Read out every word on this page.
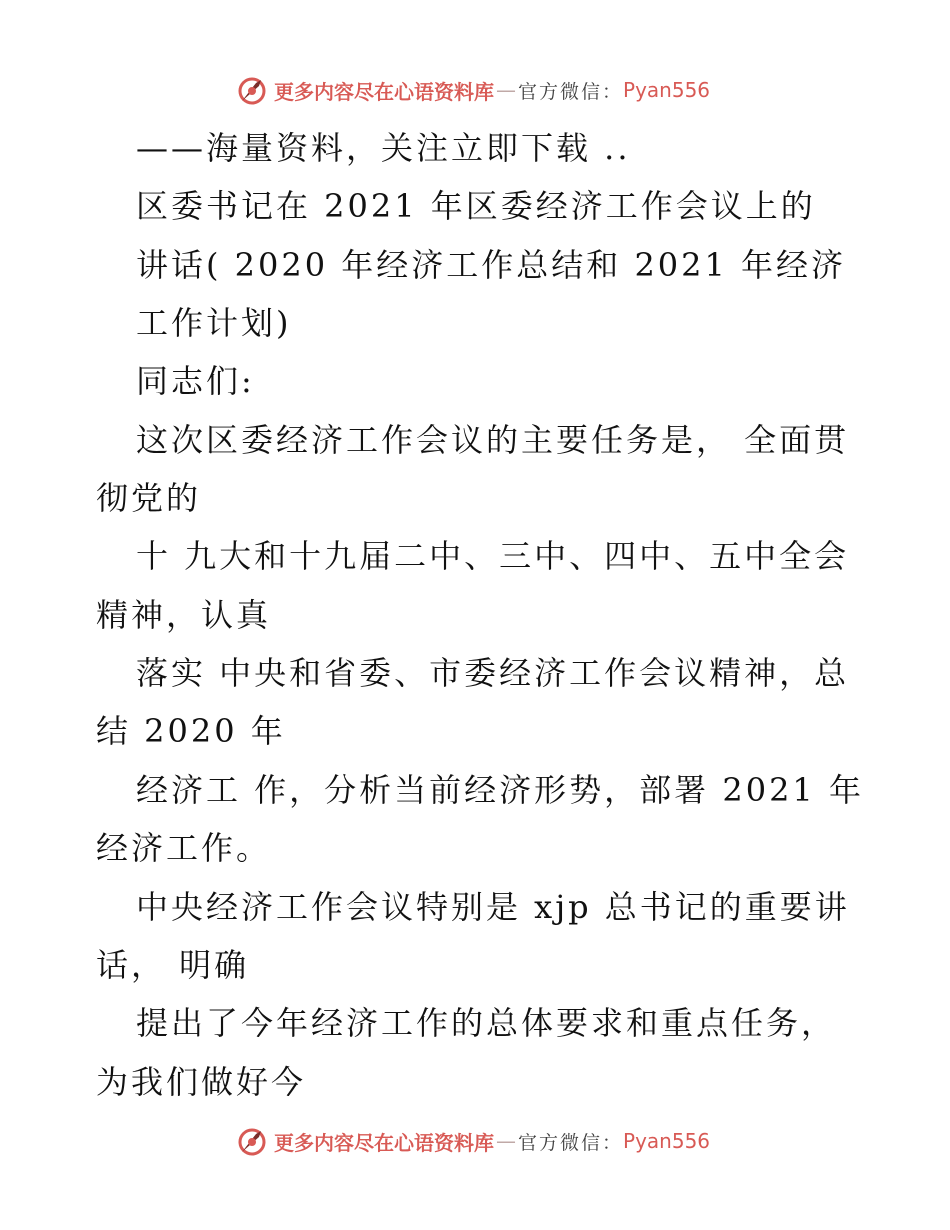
更多内容尽在心语资料库 — 官方微信： Pyan556
——海量资料，关注立即下载 ..
区委书记在 2021 年区委经济工作会议上的
讲话( 2020 年经济工作总结和 2021 年经济
工作计划)
同志们:
这次区委经济工作会议的主要任务是， 全面贯
彻党的
十 九大和十九届二中、三中、四中、五中全会
精神，认真
落实 中央和省委、市委经济工作会议精神，总
结 2020 年
经济工 作，分析当前经济形势，部署 2021 年
经济工作。
中央经济工作会议特别是 xjp 总书记的重要讲
话， 明确
提出了今年经济工作的总体要求和重点任务，
为我们做好今
更多内容尽在心语资料库 — 官方微信： Pyan556
